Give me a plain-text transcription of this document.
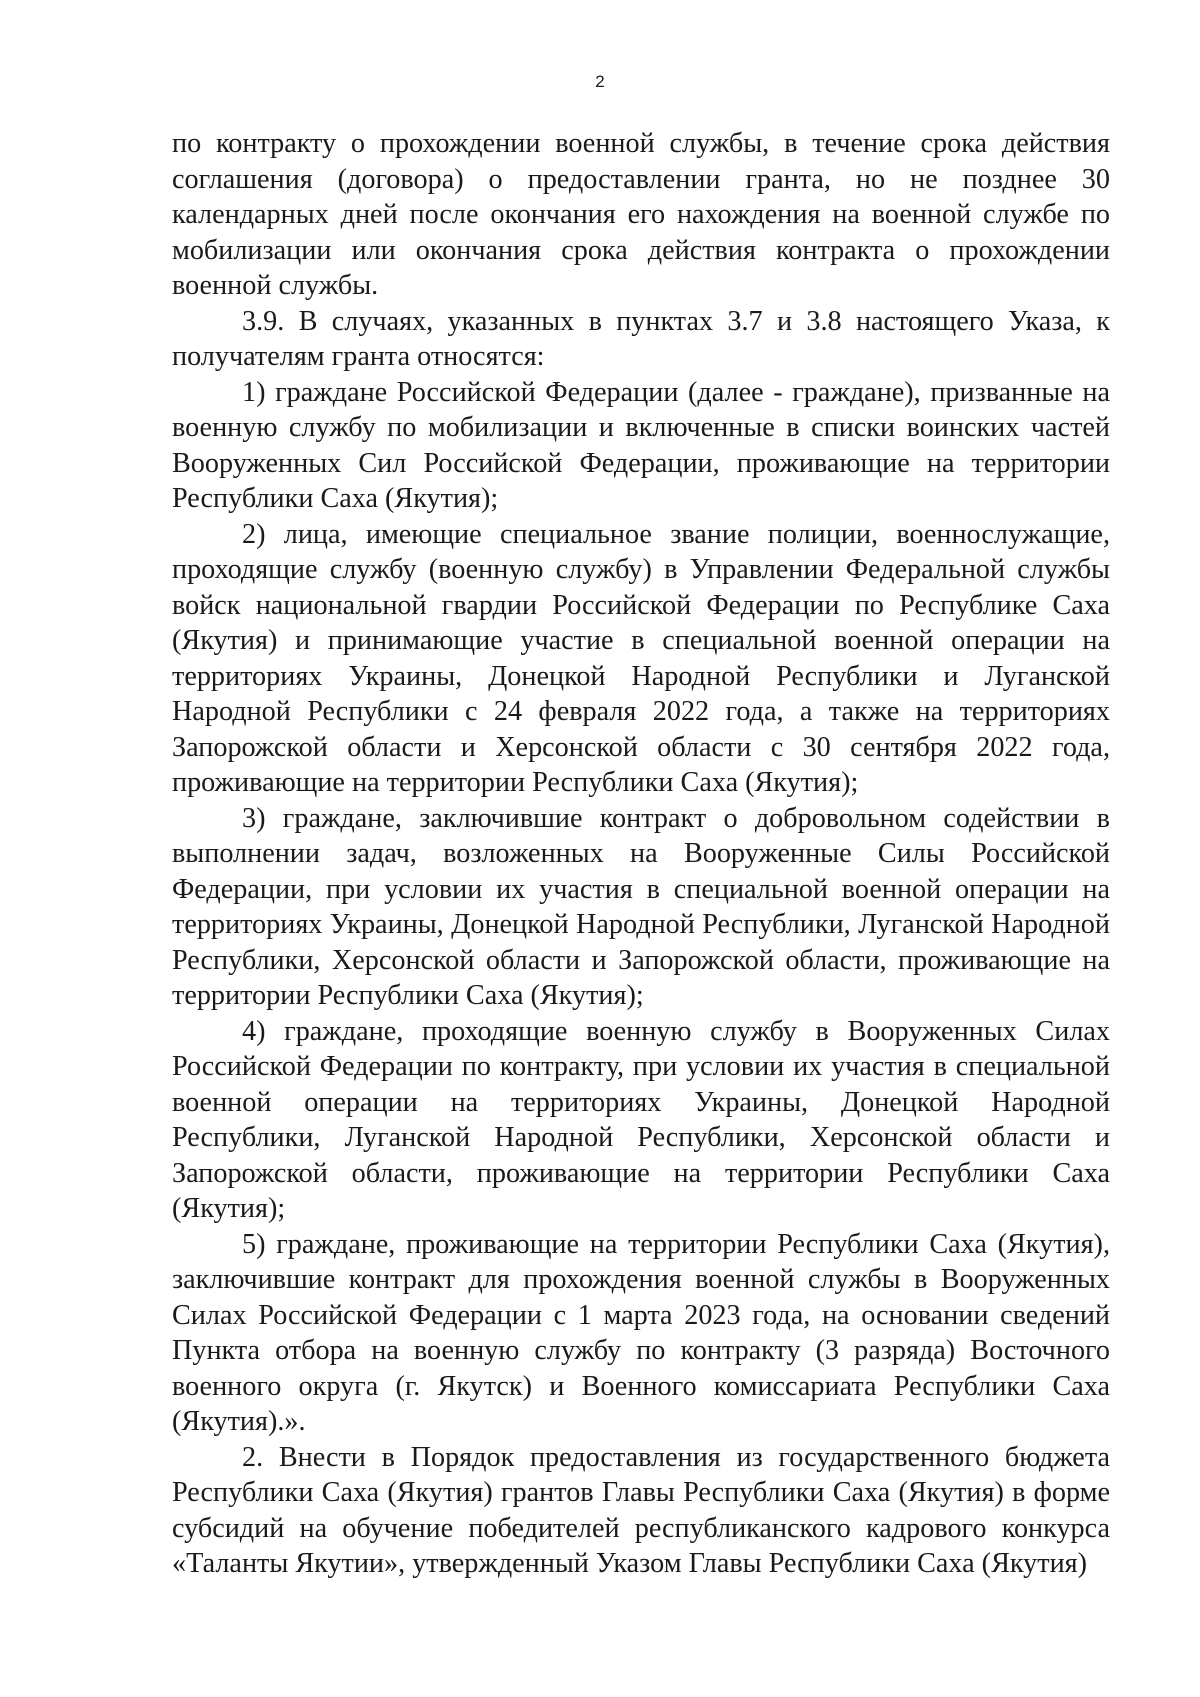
2

по контракту о прохождении военной службы, в течение срока действия соглашения (договора) о предоставлении гранта, но не позднее 30 календарных дней после окончания его нахождения на военной службе по мобилизации или окончания срока действия контракта о прохождении военной службы.

3.9. В случаях, указанных в пунктах 3.7 и 3.8 настоящего Указа, к получателям гранта относятся:

1) граждане Российской Федерации (далее - граждане), призванные на военную службу по мобилизации и включенные в списки воинских частей Вооруженных Сил Российской Федерации, проживающие на территории Республики Саха (Якутия);

2) лица, имеющие специальное звание полиции, военнослужащие, проходящие службу (военную службу) в Управлении Федеральной службы войск национальной гвардии Российской Федерации по Республике Саха (Якутия) и принимающие участие в специальной военной операции на территориях Украины, Донецкой Народной Республики и Луганской Народной Республики с 24 февраля 2022 года, а также на территориях Запорожской области и Херсонской области с 30 сентября 2022 года, проживающие на территории Республики Саха (Якутия);

3) граждане, заключившие контракт о добровольном содействии в выполнении задач, возложенных на Вооруженные Силы Российской Федерации, при условии их участия в специальной военной операции на территориях Украины, Донецкой Народной Республики, Луганской Народной Республики, Херсонской области и Запорожской области, проживающие на территории Республики Саха (Якутия);

4) граждане, проходящие военную службу в Вооруженных Силах Российской Федерации по контракту, при условии их участия в специальной военной операции на территориях Украины, Донецкой Народной Республики, Луганской Народной Республики, Херсонской области и Запорожской области, проживающие на территории Республики Саха (Якутия);

5) граждане, проживающие на территории Республики Саха (Якутия), заключившие контракт для прохождения военной службы в Вооруженных Силах Российской Федерации с 1 марта 2023 года, на основании сведений Пункта отбора на военную службу по контракту (3 разряда) Восточного военного округа (г. Якутск) и Военного комиссариата Республики Саха (Якутия).».

2. Внести в Порядок предоставления из государственного бюджета Республики Саха (Якутия) грантов Главы Республики Саха (Якутия) в форме субсидий на обучение победителей республиканского кадрового конкурса «Таланты Якутии», утвержденный Указом Главы Республики Саха (Якутия)
